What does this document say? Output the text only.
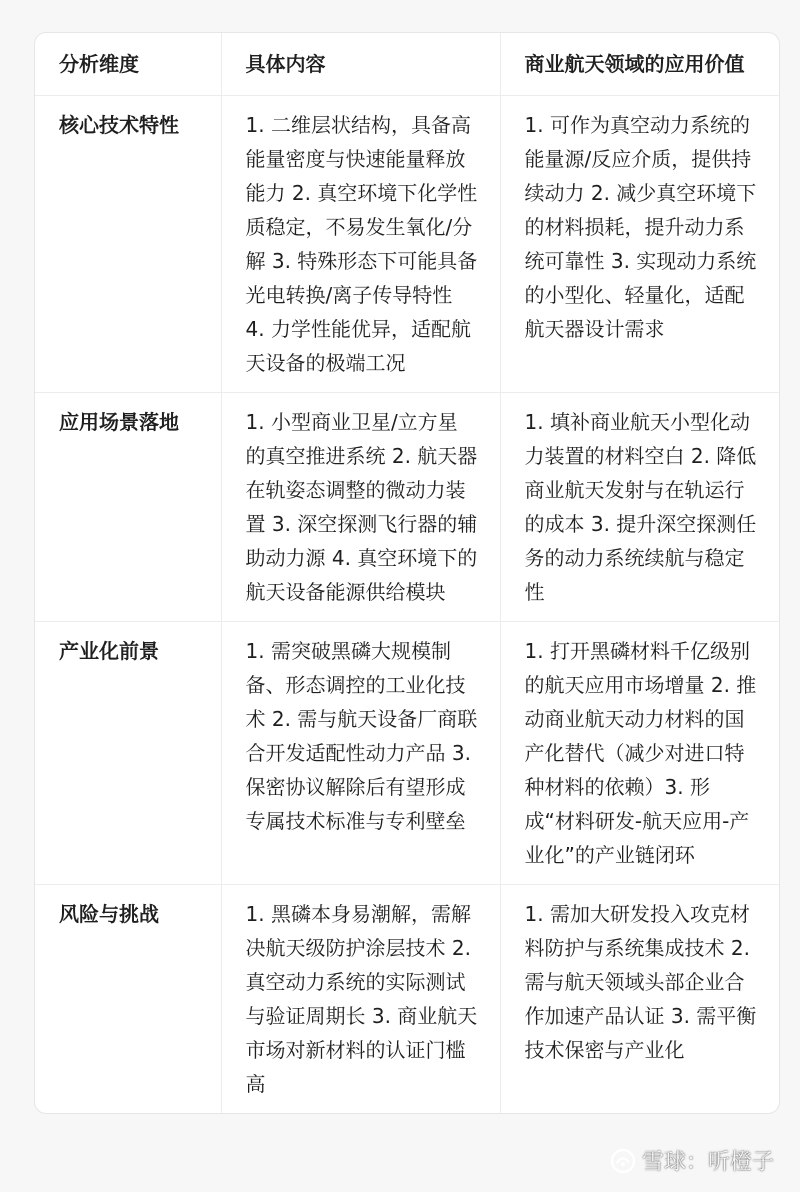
分析维度	具体内容	商业航天领域的应用价值
核心技术特性	1. 二维层状结构，具备高能量密度与快速能量释放能力 2. 真空环境下化学性质稳定，不易发生氧化/分解 3. 特殊形态下可能具备光电转换/离子传导特性 4. 力学性能优异，适配航天设备的极端工况	1. 可作为真空动力系统的能量源/反应介质，提供持续动力 2. 减少真空环境下的材料损耗，提升动力系统可靠性 3. 实现动力系统的小型化、轻量化，适配航天器设计需求
应用场景落地	1. 小型商业卫星/立方星的真空推进系统 2. 航天器在轨姿态调整的微动力装置 3. 深空探测飞行器的辅助动力源 4. 真空环境下的航天设备能源供给模块	1. 填补商业航天小型化动力装置的材料空白 2. 降低商业航天发射与在轨运行的成本 3. 提升深空探测任务的动力系统续航与稳定性
产业化前景	1. 需突破黑磷大规模制备、形态调控的工业化技术 2. 需与航天设备厂商联合开发适配性动力产品 3. 保密协议解除后有望形成专属技术标准与专利壁垒	1. 打开黑磷材料千亿级别的航天应用市场增量 2. 推动商业航天动力材料的国产化替代（减少对进口特种材料的依赖）3. 形成“材料研发-航天应用-产业化”的产业链闭环
风险与挑战	1. 黑磷本身易潮解，需解决航天级防护涂层技术 2. 真空动力系统的实际测试与验证周期长 3. 商业航天市场对新材料的认证门槛高	1. 需加大研发投入攻克材料防护与系统集成技术 2. 需与航天领域头部企业合作加速产品认证 3. 需平衡技术保密与产业化
雪球：听橙子
